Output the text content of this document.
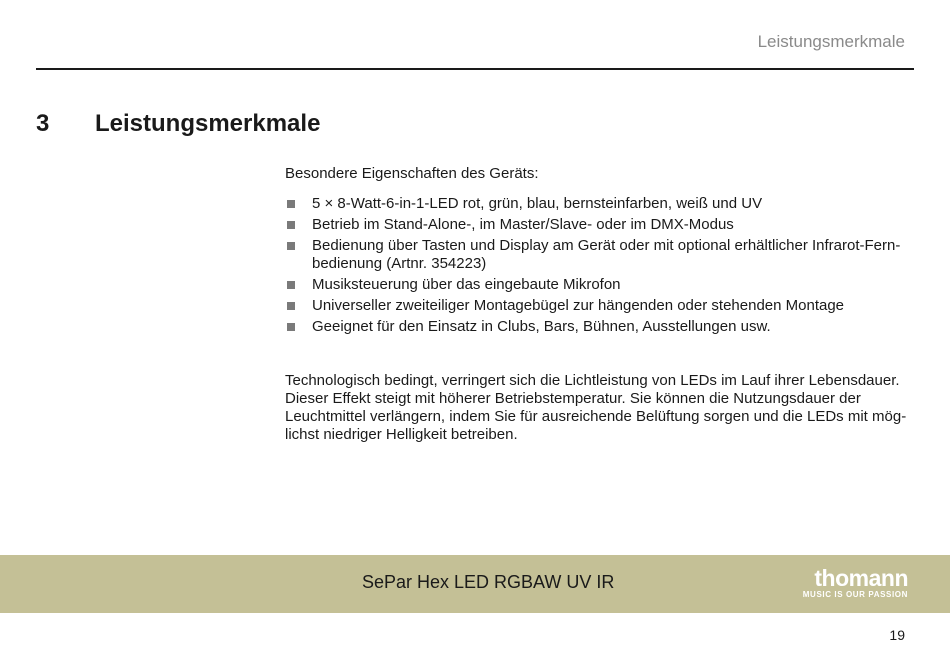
Leistungsmerkmale
3 Leistungsmerkmale

Besondere Eigenschaften des Geräts:

5 × 8-Watt-6-in-1-LED rot, grün, blau, bernsteinfarben, weiß und UV
Betrieb im Stand-Alone-, im Master/Slave- oder im DMX-Modus
Bedienung über Tasten und Display am Gerät oder mit optional erhältlicher Infrarot-Fernbedienung (Artnr. 354223)
Musiksteuerung über das eingebaute Mikrofon
Universeller zweiteiliger Montagebügel zur hängenden oder stehenden Montage
Geeignet für den Einsatz in Clubs, Bars, Bühnen, Ausstellungen usw.

Technologisch bedingt, verringert sich die Lichtleistung von LEDs im Lauf ihrer Lebensdauer. Dieser Effekt steigt mit höherer Betriebstemperatur. Sie können die Nutzungsdauer der Leuchtmittel verlängern, indem Sie für ausreichende Belüftung sorgen und die LEDs mit möglichst niedriger Helligkeit betreiben.

SePar Hex LED RGBAW UV IR	thomann
MUSIC IS OUR PASSION
19
